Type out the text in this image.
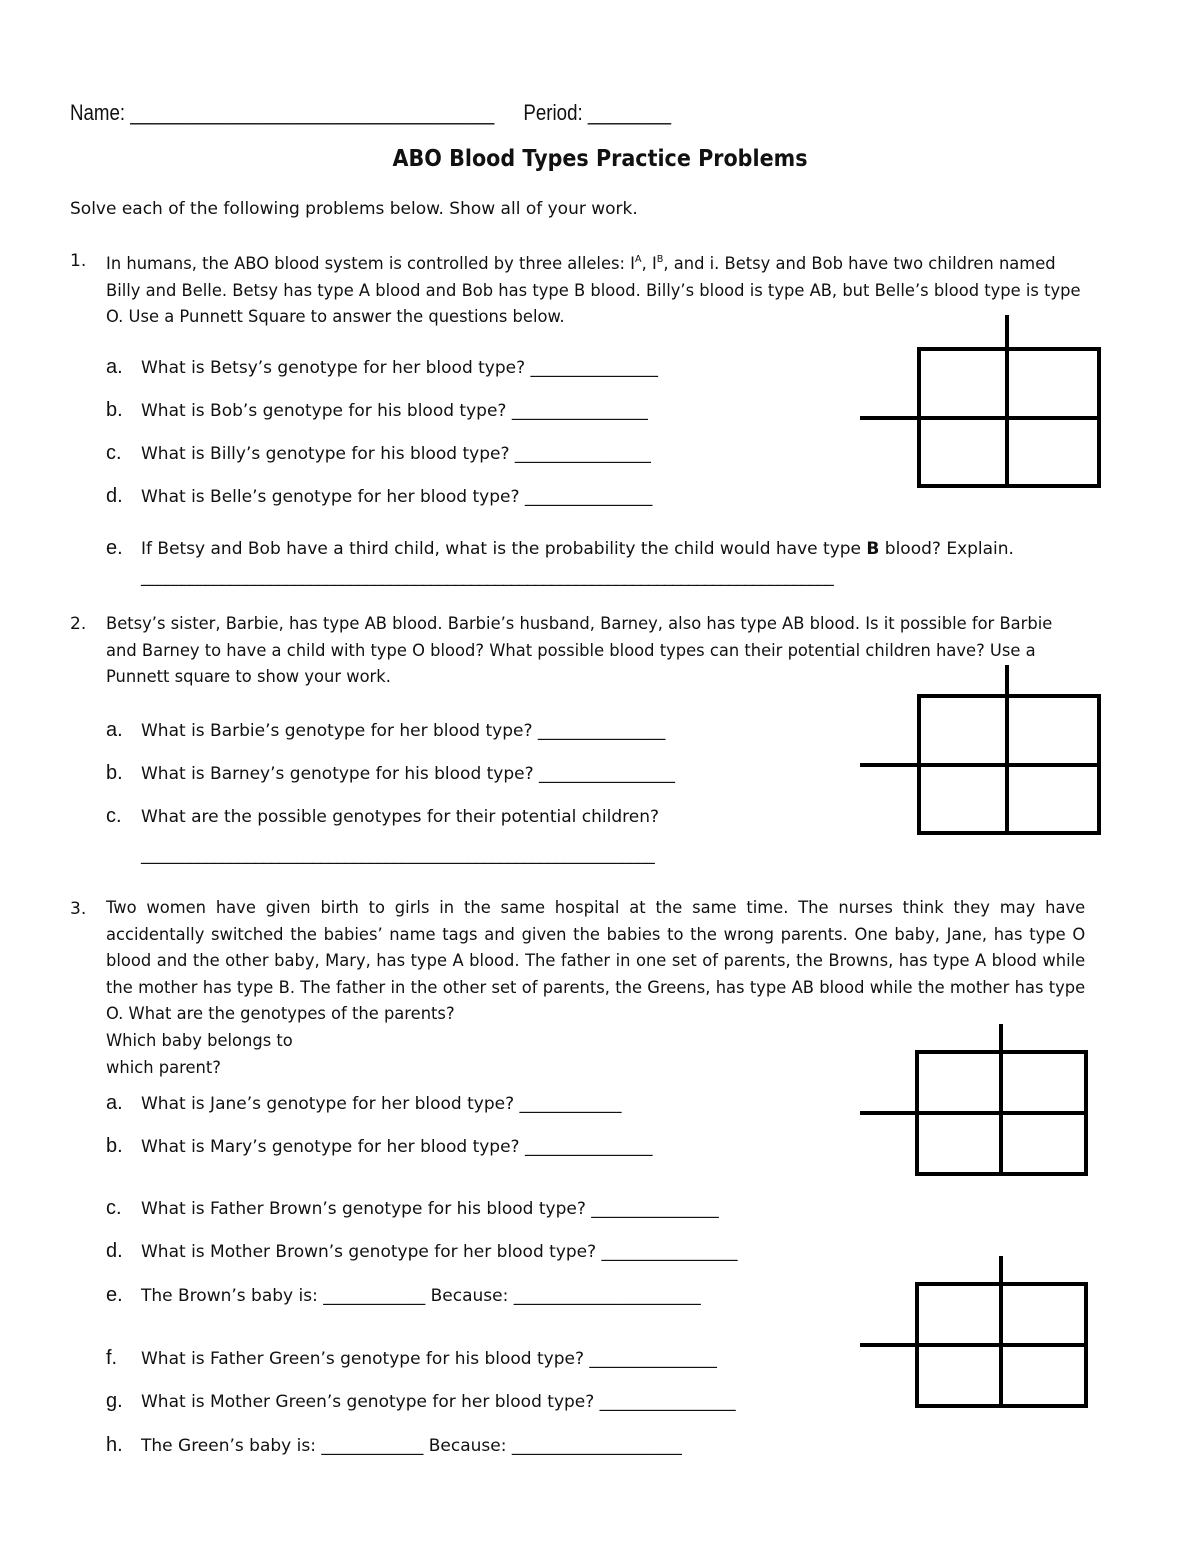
Name: ___________________________________ Period: ________
ABO Blood Types Practice Problems
Solve each of the following problems below. Show all of your work.
1. In humans, the ABO blood system is controlled by three alleles: $I^A$, $I^B$, and i. Betsy and Bob have two children named Billy and Belle. Betsy has type A blood and Bob has type B blood. Billy’s blood is type AB, but Belle’s blood type is type O. Use a Punnett Square to answer the questions below.
a. What is Betsy’s genotype for her blood type? _______________
b. What is Bob’s genotype for his blood type? ________________
c. What is Billy’s genotype for his blood type? ________________
d. What is Belle’s genotype for her blood type? _______________
e. If Betsy and Bob have a third child, what is the probability the child would have type B blood? Explain.
______________________________________________________________________________________
2. Betsy’s sister, Barbie, has type AB blood. Barbie’s husband, Barney, also has type AB blood. Is it possible for Barbie and Barney to have a child with type O blood? What possible blood types can their potential children have? Use a Punnett square to show your work.
a. What is Barbie’s genotype for her blood type? _______________
b. What is Barney’s genotype for his blood type? ________________
c. What are the possible genotypes for their potential children?
_______________________________________________________________
3. Two women have given birth to girls in the same hospital at the same time. The nurses think they may have accidentally switched the babies’ name tags and given the babies to the wrong parents. One baby, Jane, has type O blood and the other baby, Mary, has type A blood. The father in one set of parents, the Browns, has type A blood while the mother has type B. The father in the other set of parents, the Greens, has type AB blood while the mother has type O. What are the genotypes of the parents?
Which baby belongs to which parent?
a. What is Jane’s genotype for her blood type? ____________
b. What is Mary’s genotype for her blood type? _______________
c. What is Father Brown’s genotype for his blood type? _______________
d. What is Mother Brown’s genotype for her blood type? ________________
e. The Brown’s baby is: ____________ Because: ______________________
f. What is Father Green’s genotype for his blood type? _______________
g. What is Mother Green’s genotype for her blood type? ________________
h. The Green’s baby is: ____________ Because: ____________________
